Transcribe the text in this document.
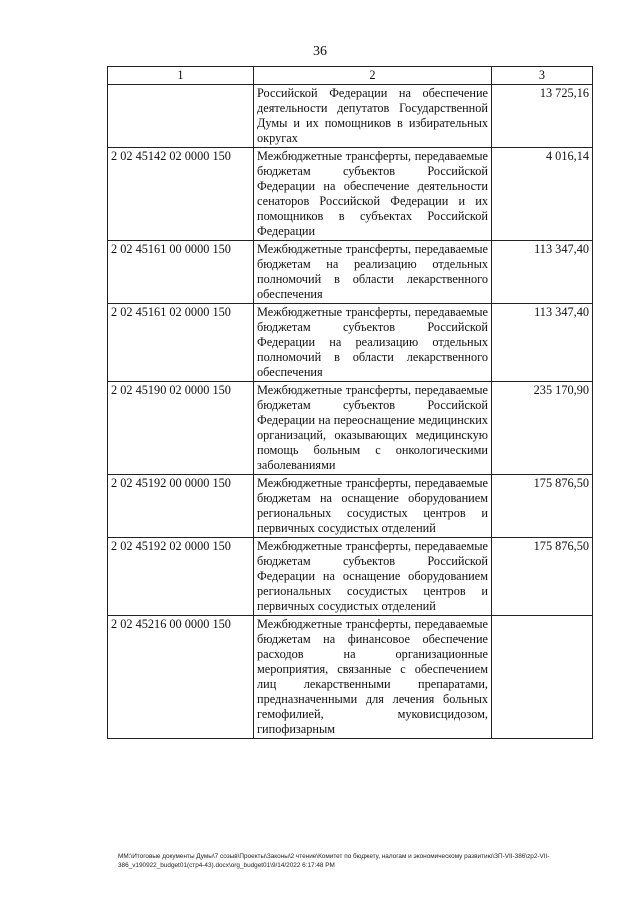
36
1	2	3
	Российской Федерации на обеспечение деятельности депутатов Государственной Думы и их помощников в избирательных округах	13 725,16
2 02 45142 02 0000 150	Межбюджетные трансферты, передаваемые бюджетам субъектов Российской Федерации на обеспечение деятельности сенаторов Российской Федерации и их помощников в субъектах Российской Федерации	4 016,14
2 02 45161 00 0000 150	Межбюджетные трансферты, передаваемые бюджетам на реализацию отдельных полномочий в области лекарственного обеспечения	113 347,40
2 02 45161 02 0000 150	Межбюджетные трансферты, передаваемые бюджетам субъектов Российской Федерации на реализацию отдельных полномочий в области лекарственного обеспечения	113 347,40
2 02 45190 02 0000 150	Межбюджетные трансферты, передаваемые бюджетам субъектов Российской Федерации на переоснащение медицинских организаций, оказывающих медицинскую помощь больным с онкологическими заболеваниями	235 170,90
2 02 45192 00 0000 150	Межбюджетные трансферты, передаваемые бюджетам на оснащение оборудованием региональных сосудистых центров и первичных сосудистых отделений	175 876,50
2 02 45192 02 0000 150	Межбюджетные трансферты, передаваемые бюджетам субъектов Российской Федерации на оснащение оборудованием региональных сосудистых центров и первичных сосудистых отделений	175 876,50
2 02 45216 00 0000 150	Межбюджетные трансферты, передаваемые бюджетам на финансовое обеспечение расходов на организационные мероприятия, связанные с обеспечением лиц лекарственными препаратами, предназначенными для лечения больных гемофилией, муковисцидозом, гипофизарным	
ММ:\Итоговые документы Думы\7 созыв\Проекты\Законы\2 чтение\Комитет по бюджету, налогам и экономическому развитию\ЗП-VII-386\zp2-VII-386_v190922_budget01(стр4-43).docx\org_budget01\9/14/2022 6:17:48 PM
